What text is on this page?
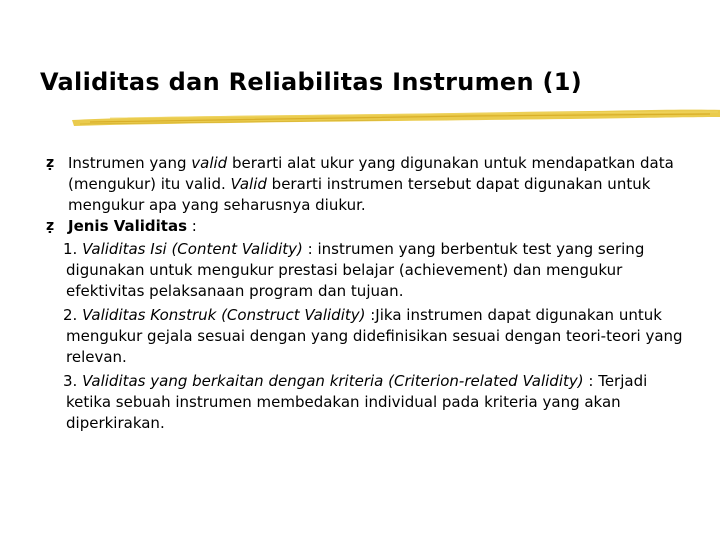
Validitas dan Reliabilitas Instrumen (1)
ẓ Instrumen yang valid berarti alat ukur yang digunakan untuk mendapatkan data (mengukur) itu valid. Valid berarti instrumen tersebut dapat digunakan untuk mengukur apa yang seharusnya diukur.
ẓ Jenis Validitas :
1. Validitas Isi (Content Validity) : instrumen yang berbentuk test yang sering digunakan untuk mengukur prestasi belajar (achievement) dan mengukur efektivitas pelaksanaan program dan tujuan.
2. Validitas Konstruk (Construct Validity) :Jika instrumen dapat digunakan untuk mengukur gejala sesuai dengan yang didefinisikan sesuai dengan teori-teori yang relevan.
3. Validitas yang berkaitan dengan kriteria (Criterion-related Validity) : Terjadi ketika sebuah instrumen membedakan individual pada kriteria yang akan diperkirakan.
